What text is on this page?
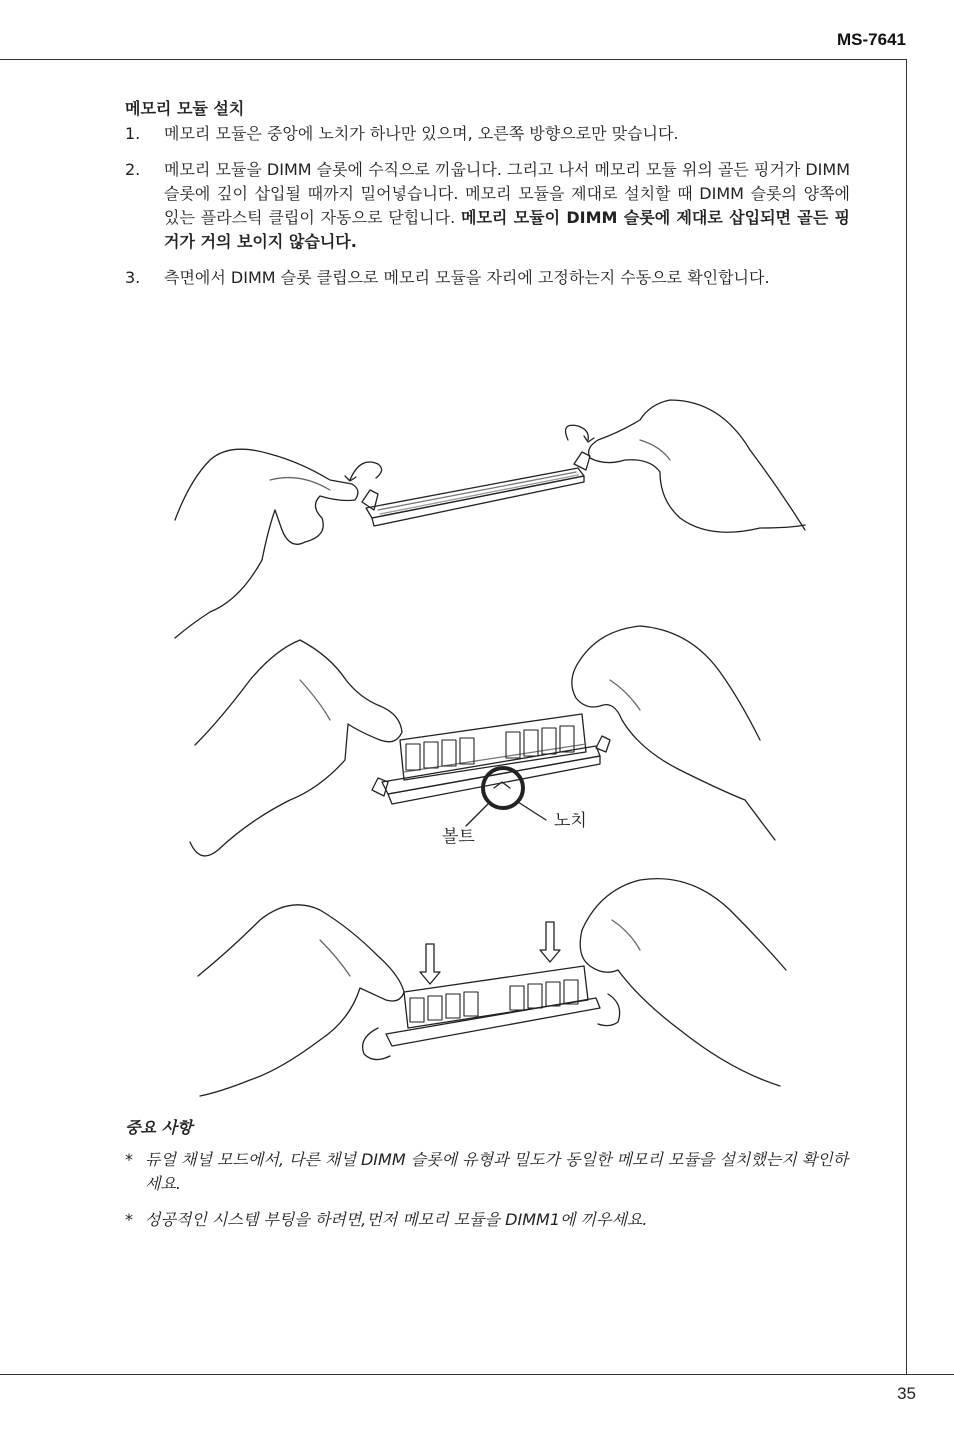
MS-7641
메모리 모듈 설치
1. 메모리 모듈은 중앙에 노치가 하나만 있으며, 오른쪽 방향으로만 맞습니다.
2. 메모리 모듈을 DIMM 슬롯에 수직으로 끼웁니다. 그리고 나서 메모리 모듈 위의 골든 핑거가 DIMM 슬롯에 깊이 삽입될 때까지 밀어넣습니다. 메모리 모듈을 제대로 설치할 때 DIMM 슬롯의 양쪽에 있는 플라스틱 클립이 자동으로 닫힙니다. 메모리 모듈이 DIMM 슬롯에 제대로 삽입되면 골든 핑거가 거의 보이지 않습니다.
3. 측면에서 DIMM 슬롯 클립으로 메모리 모듈을 자리에 고정하는지 수동으로 확인합니다.
노치
볼트
중요 사항
* 듀얼 채널 모드에서, 다른 채널 DIMM 슬롯에 유형과 밀도가 동일한 메모리 모듈을 설치했는지 확인하세요.
* 성공적인 시스템 부팅을 하려면,먼저 메모리 모듈을 DIMM1에 끼우세요.
35
